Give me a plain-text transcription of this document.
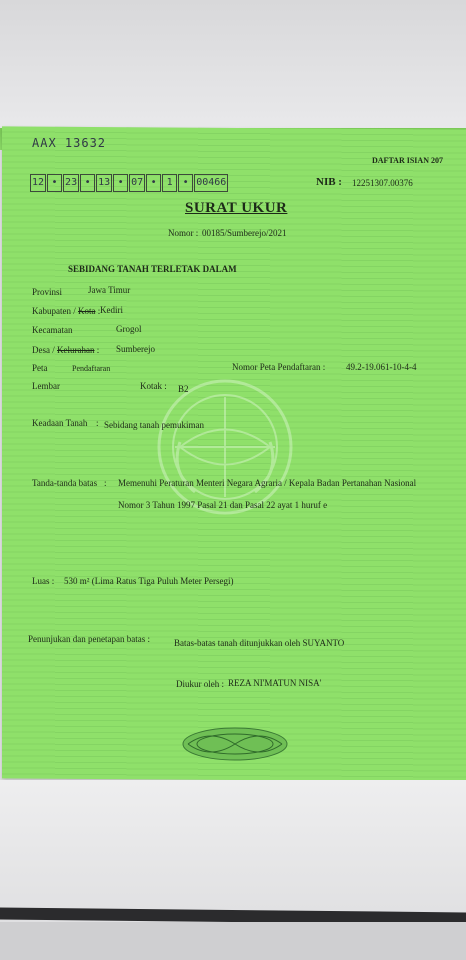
AAX 13632
DAFTAR ISIAN 207
12 • 23 • 13 • 07 • 1 • 00466	NIB : 12251307.00376
SURAT UKUR
Nomor : 00185/Sumberejo/2021
SEBIDANG TANAH TERLETAK DALAM
Provinsi	Jawa Timur
Kabupaten / Kota : Kediri
Kecamatan	Grogol
Desa / Kelurahan : Sumberejo
Peta	Pendaftaran	Nomor Peta Pendaftaran : 49.2-19.061-10-4-4
Lembar	Kotak : B2
Keadaan Tanah : Sebidang tanah pemukiman
Tanda-tanda batas : Memenuhi Peraturan Menteri Negara Agraria / Kepala Badan Pertanahan Nasional
Nomor 3 Tahun 1997 Pasal 21 dan Pasal 22 ayat 1 huruf e
Luas : 530 m² (Lima Ratus Tiga Puluh Meter Persegi)
Penunjukan dan penetapan batas :	Batas-batas tanah ditunjukkan oleh SUYANTO
Diukur oleh : REZA NI'MATUN NISA'
